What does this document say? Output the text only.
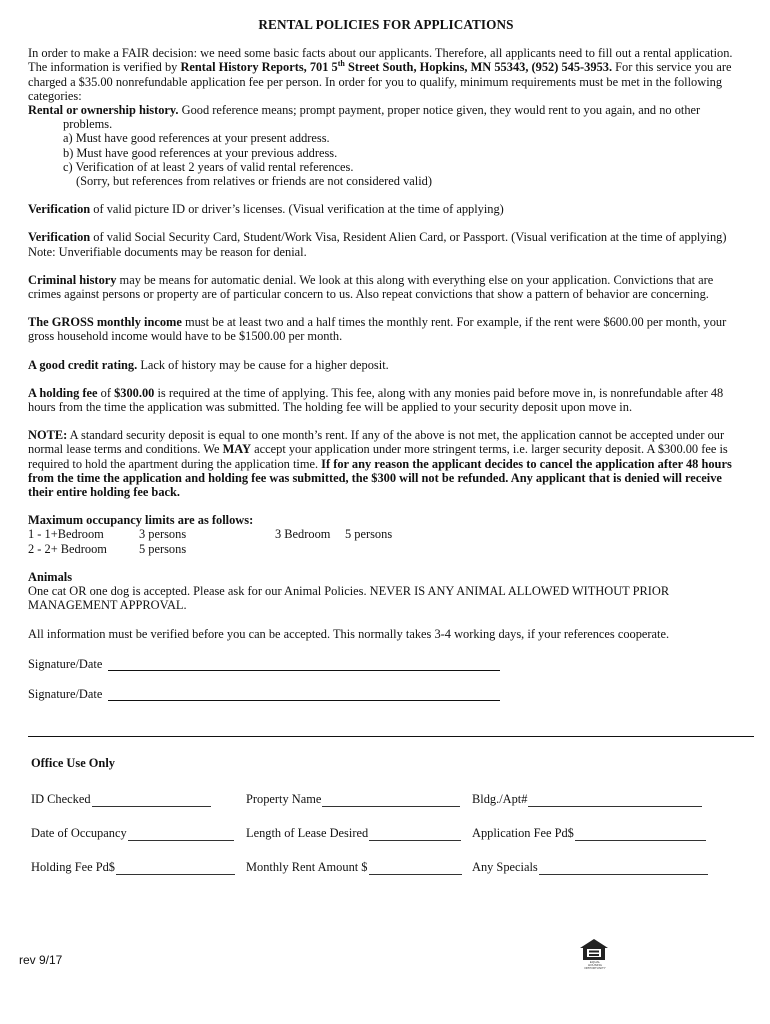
RENTAL POLICIES FOR APPLICATIONS
In order to make a FAIR decision: we need some basic facts about our applicants. Therefore, all applicants need to fill out a rental application. The information is verified by Rental History Reports, 701 5th Street South, Hopkins, MN 55343, (952) 545-3953. For this service you are charged a $35.00 nonrefundable application fee per person. In order for you to qualify, minimum requirements must be met in the following categories:
Rental or ownership history. Good reference means; prompt payment, proper notice given, they would rent to you again, and no other
problems.
a) Must have good references at your present address.
b) Must have good references at your previous address.
c) Verification of at least 2 years of valid rental references.
(Sorry, but references from relatives or friends are not considered valid)
Verification of valid picture ID or driver’s licenses. (Visual verification at the time of applying)
Verification of valid Social Security Card, Student/Work Visa, Resident Alien Card, or Passport. (Visual verification at the time of applying)
Note: Unverifiable documents may be reason for denial.
Criminal history may be means for automatic denial. We look at this along with everything else on your application. Convictions that are crimes against persons or property are of particular concern to us. Also repeat convictions that show a pattern of behavior are concerning.
The GROSS monthly income must be at least two and a half times the monthly rent. For example, if the rent were $600.00 per month, your gross household income would have to be $1500.00 per month.
A good credit rating. Lack of history may be cause for a higher deposit.
A holding fee of $300.00 is required at the time of applying. This fee, along with any monies paid before move in, is nonrefundable after 48 hours from the time the application was submitted. The holding fee will be applied to your security deposit upon move in.
NOTE: A standard security deposit is equal to one month’s rent. If any of the above is not met, the application cannot be accepted under our normal lease terms and conditions. We MAY accept your application under more stringent terms, i.e. larger security deposit. A $300.00 fee is required to hold the apartment during the application time. If for any reason the applicant decides to cancel the application after 48 hours from the time the application and holding fee was submitted, the $300 will not be refunded. Any applicant that is denied will receive their entire holding fee back.
Maximum occupancy limits are as follows:
1 - 1+Bedroom	3 persons	3 Bedroom	5 persons
2 - 2+ Bedroom	5 persons
Animals
One cat OR one dog is accepted. Please ask for our Animal Policies. NEVER IS ANY ANIMAL ALLOWED WITHOUT PRIOR MANAGEMENT APPROVAL.
All information must be verified before you can be accepted. This normally takes 3-4 working days, if your references cooperate.
Signature/Date
Signature/Date
Office Use Only
ID Checked	Property Name	Bldg./Apt#
Date of Occupancy	Length of Lease Desired	Application Fee Pd$
Holding Fee Pd$	Monthly Rent Amount $	Any Specials
rev 9/17	EQUAL HOUSING OPPORTUNITY
